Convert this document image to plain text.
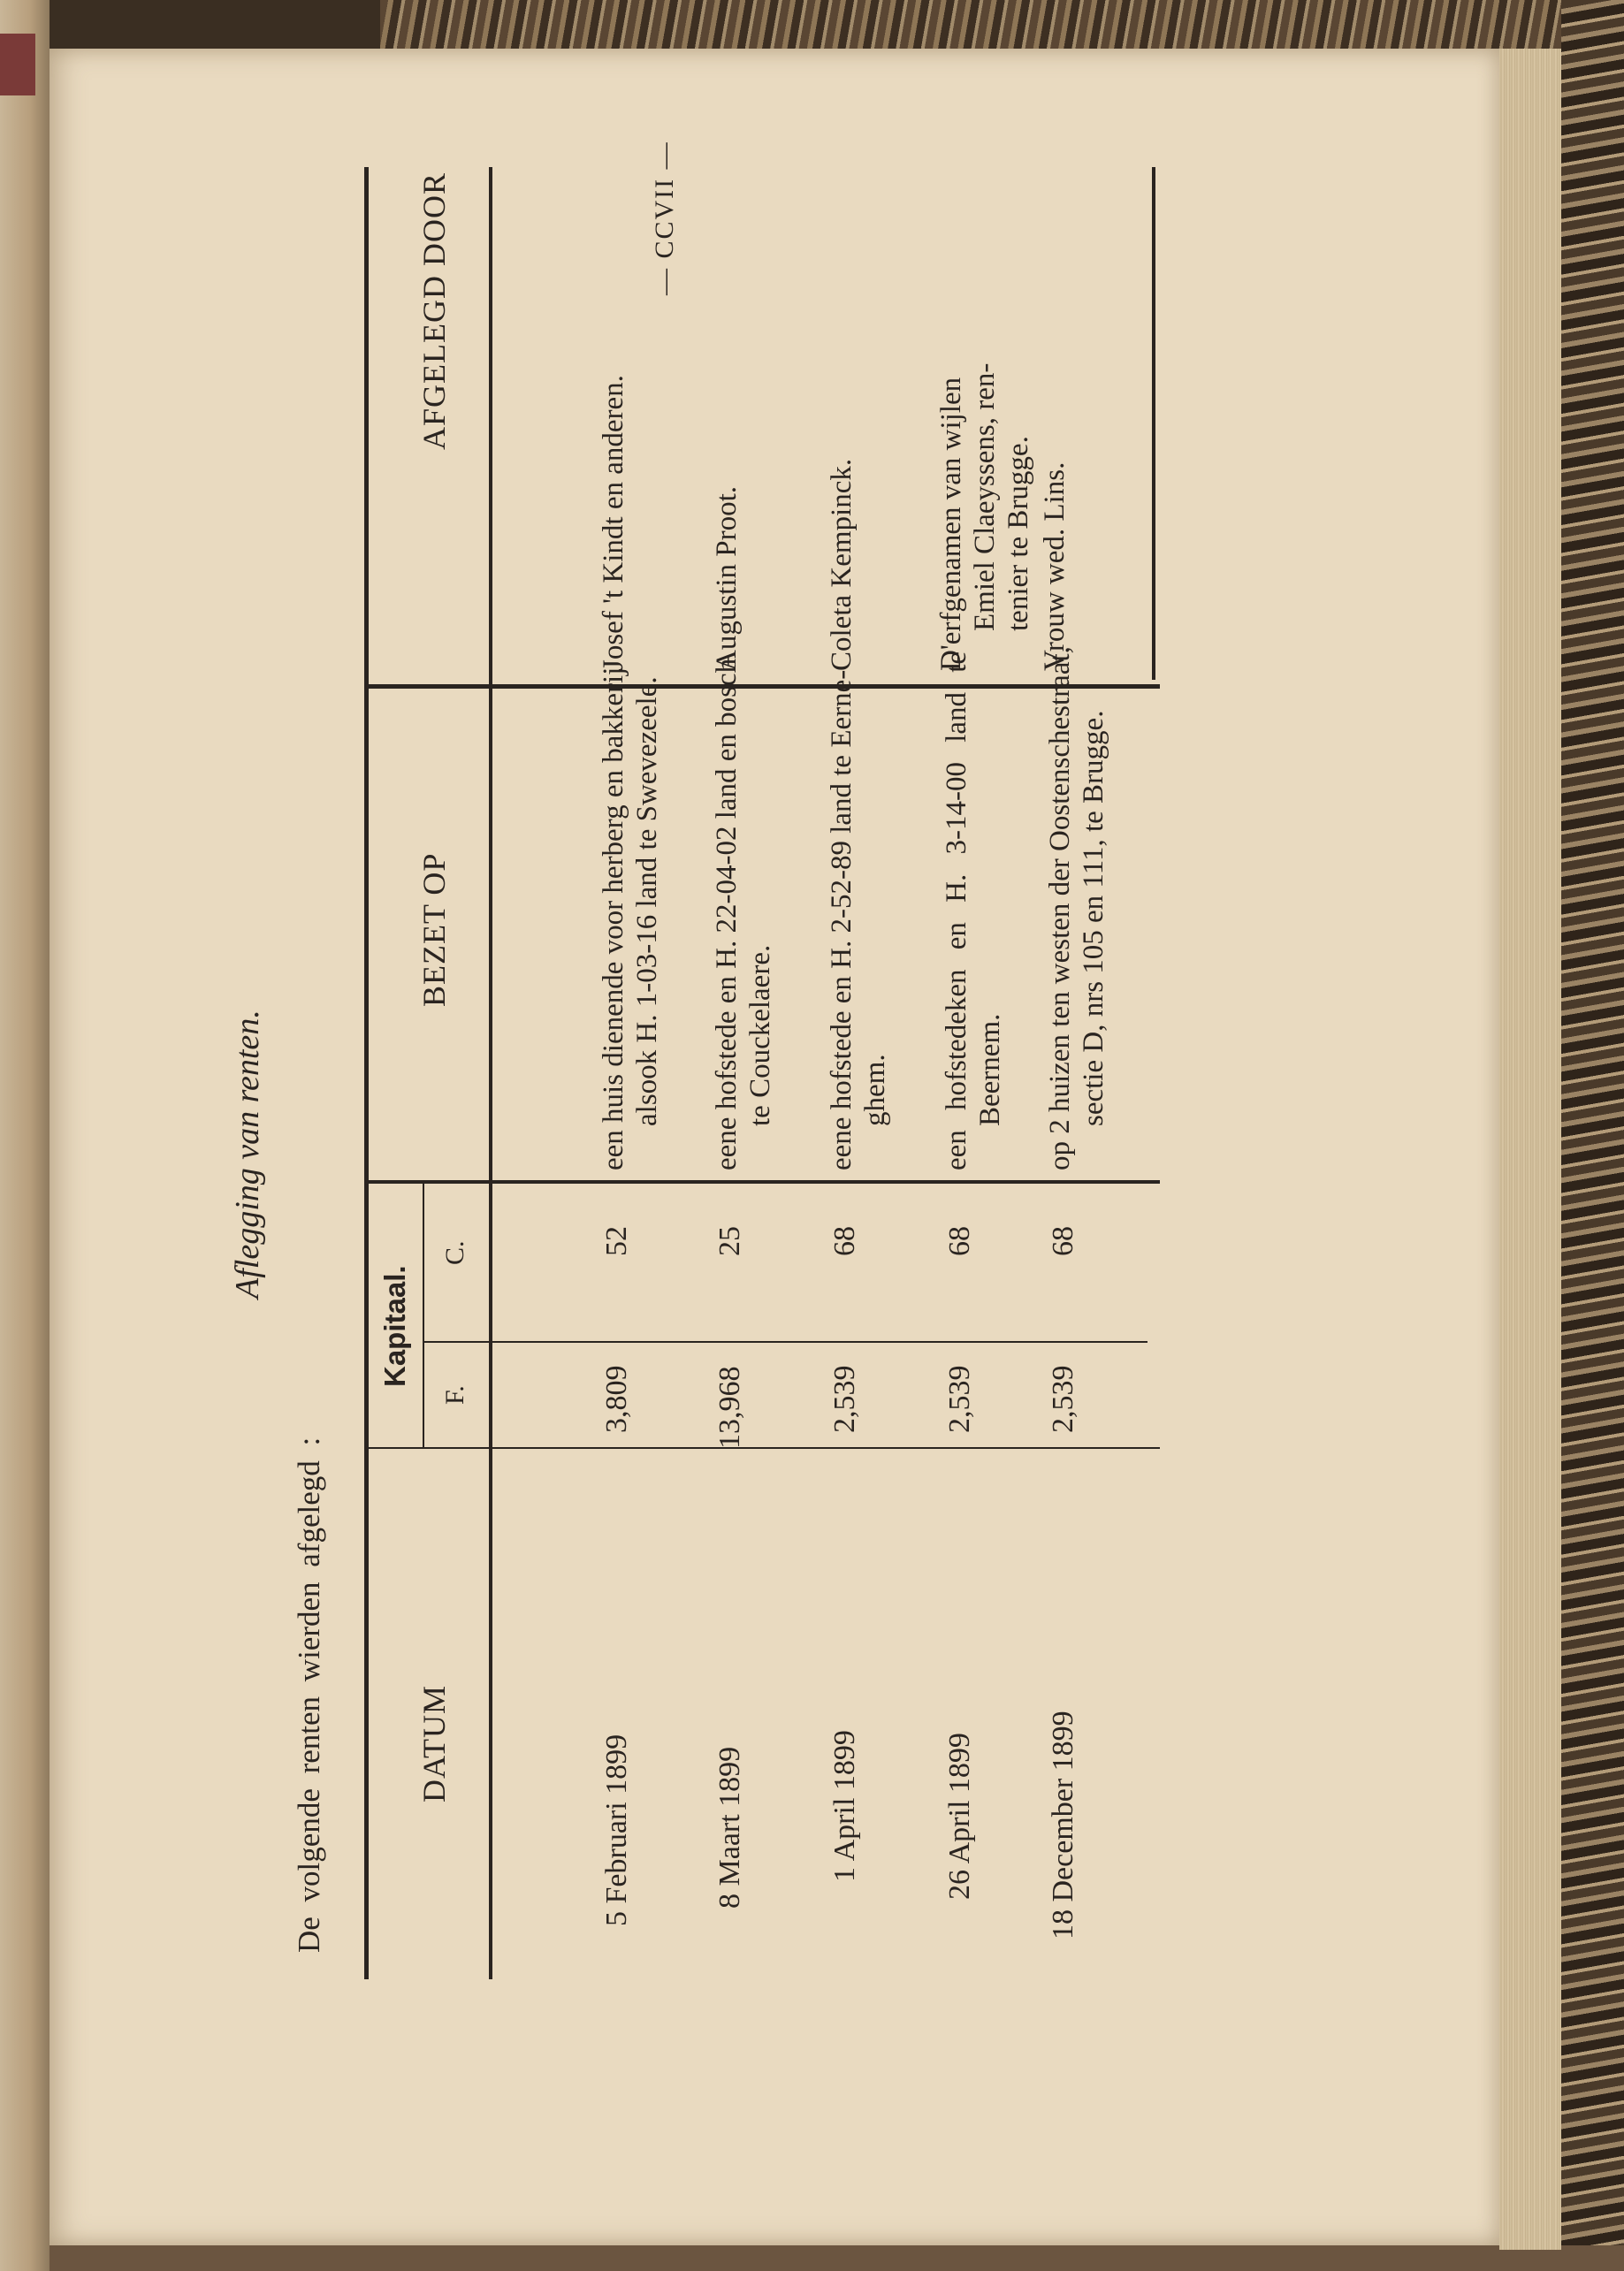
— CCVII —
Aflegging van renten.
De volgende renten wierden afgelegd :	DATUM
Kapitaal.
F.
C.
BEZET OP
AFGELEGD DOOR
5 Februari 1899
3,809
52
een huis dienende voor herberg en bakkerij alsook H. 1-03-16 land te Swevezeele.
Josef 't Kindt en anderen.
8 Maart 1899
13,968
25
eene hofstede en H. 22-04-02 land en bosch te Couckelaere.
Augustin Proot.
1 April 1899
2,539
68
eene hofstede en H. 2-52-89 land te Eerne- ghem.
Coleta Kempinck.
26 April 1899
2,539
68
een hofstedeken en H. 3-14-00 land te Beernem.
D'erfgenamen van wijlen Emiel Claeyssens, ren- tenier te Brugge.
18 December 1899
2,539
68
op 2 huizen ten westen der Oostenschestraat, sectie D, nrs 105 en 111, te Brugge.
Vrouw wed. Lins.
